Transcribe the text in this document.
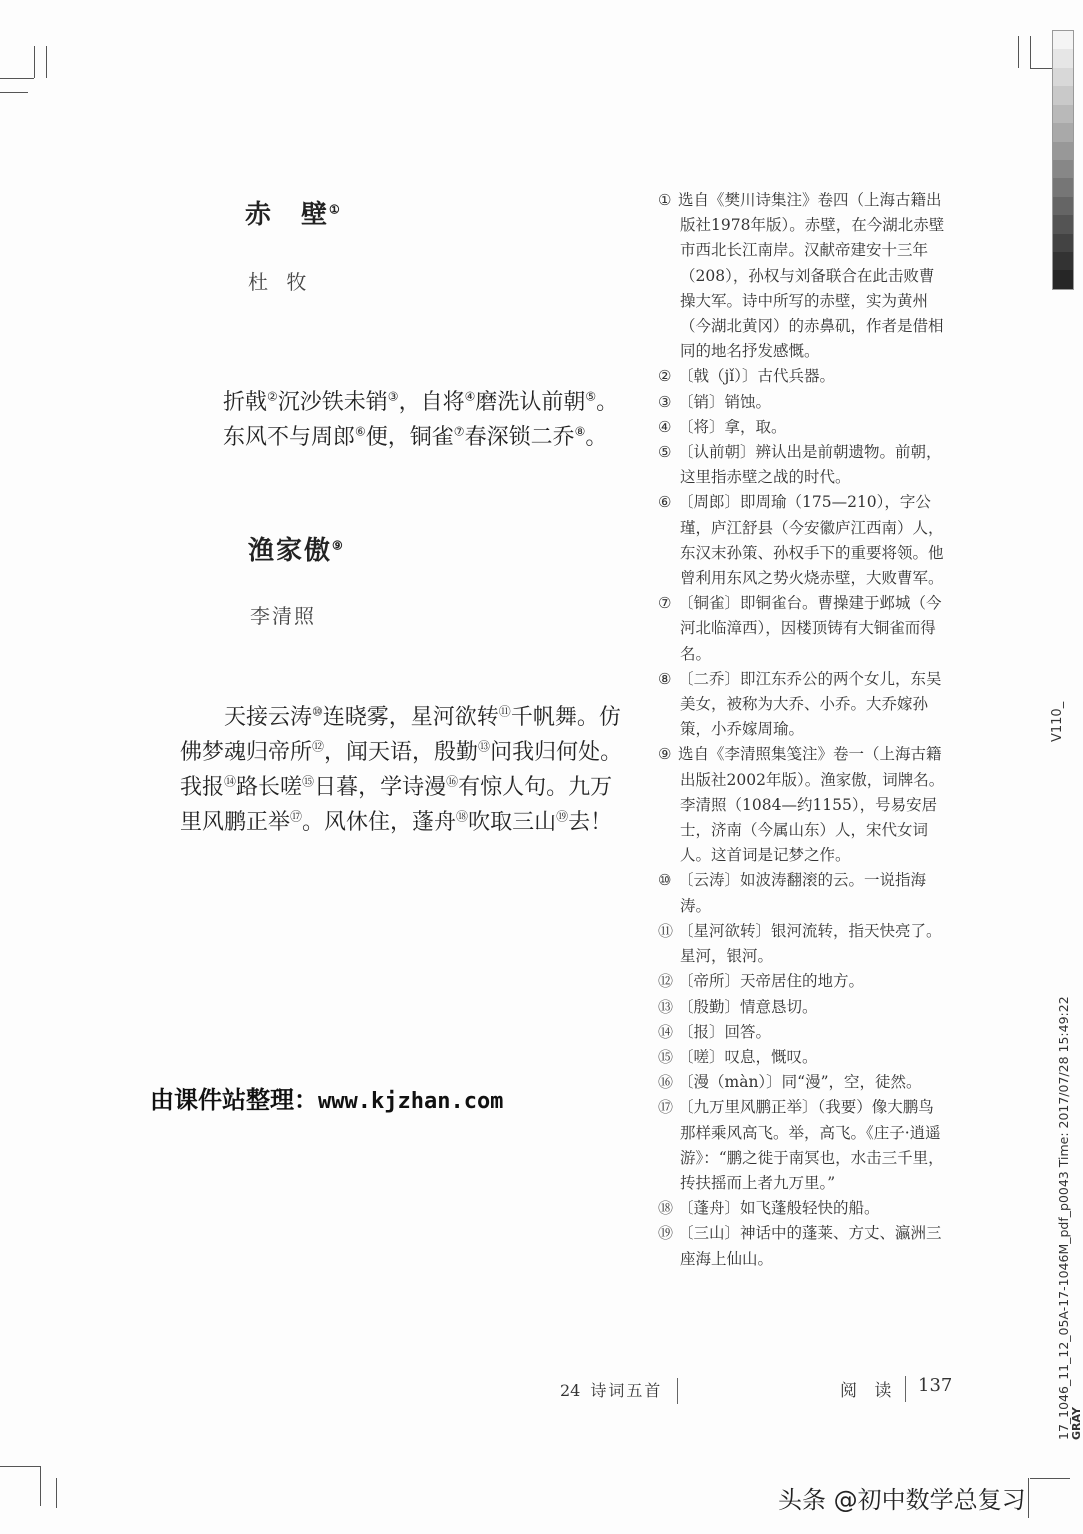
赤 壁①
杜 牧
折戟②沉沙铁未销③，自将④磨洗认前朝⑤。
东风不与周郎⑥便，铜雀⑦春深锁二乔⑧。
渔家傲⑨
李清照
天接云涛⑩连晓雾，星河欲转⑪千帆舞。仿佛梦魂归帝所⑫，闻天语，殷勤⑬问我归何处。　　我报⑭路长嗟⑮日暮，学诗漫⑯有惊人句。九万里风鹏正举⑰。风休住，蓬舟⑱吹取三山⑲去！
① 选自《樊川诗集注》卷四（上海古籍出版社1978年版）。赤壁，在今湖北赤壁市西北长江南岸。汉献帝建安十三年（208），孙权与刘备联合在此击败曹操大军。诗中所写的赤壁，实为黄州（今湖北黄冈）的赤鼻矶，作者是借相同的地名抒发感慨。
② 〔戟（jǐ）〕古代兵器。
③ 〔销〕销蚀。
④ 〔将〕拿，取。
⑤ 〔认前朝〕辨认出是前朝遗物。前朝，这里指赤壁之战的时代。
⑥ 〔周郎〕即周瑜（175—210），字公瑾，庐江舒县（今安徽庐江西南）人，东汉末孙策、孙权手下的重要将领。他曾利用东风之势火烧赤壁，大败曹军。
⑦ 〔铜雀〕即铜雀台。曹操建于邺城（今河北临漳西），因楼顶铸有大铜雀而得名。
⑧ 〔二乔〕即江东乔公的两个女儿，东吴美女，被称为大乔、小乔。大乔嫁孙策，小乔嫁周瑜。
⑨ 选自《李清照集笺注》卷一（上海古籍出版社2002年版）。渔家傲，词牌名。李清照（1084—约1155），号易安居士，济南（今属山东）人，宋代女词人。这首词是记梦之作。
⑩ 〔云涛〕如波涛翻滚的云。一说指海涛。
⑪ 〔星河欲转〕银河流转，指天快亮了。星河，银河。
⑫ 〔帝所〕天帝居住的地方。
⑬ 〔殷勤〕情意恳切。
⑭ 〔报〕回答。
⑮ 〔嗟〕叹息，慨叹。
⑯ 〔漫（màn）〕同“漫”，空，徒然。
⑰ 〔九万里风鹏正举〕（我要）像大鹏鸟那样乘风高飞。举，高飞。《庄子·逍遥游》：“鹏之徙于南冥也，水击三千里，抟扶摇而上者九万里。”
⑱ 〔蓬舟〕如飞蓬般轻快的船。
⑲ 〔三山〕神话中的蓬莱、方丈、瀛洲三座海上仙山。
由课件站整理：www.kjzhan.com
24 诗词五首	阅 读 137
V110_
17_1046_11_12_05A-17-1046M_pdf_p0043 Time: 2017/07/28 15:49:22 GRAY
头条 @初中数学总复习
